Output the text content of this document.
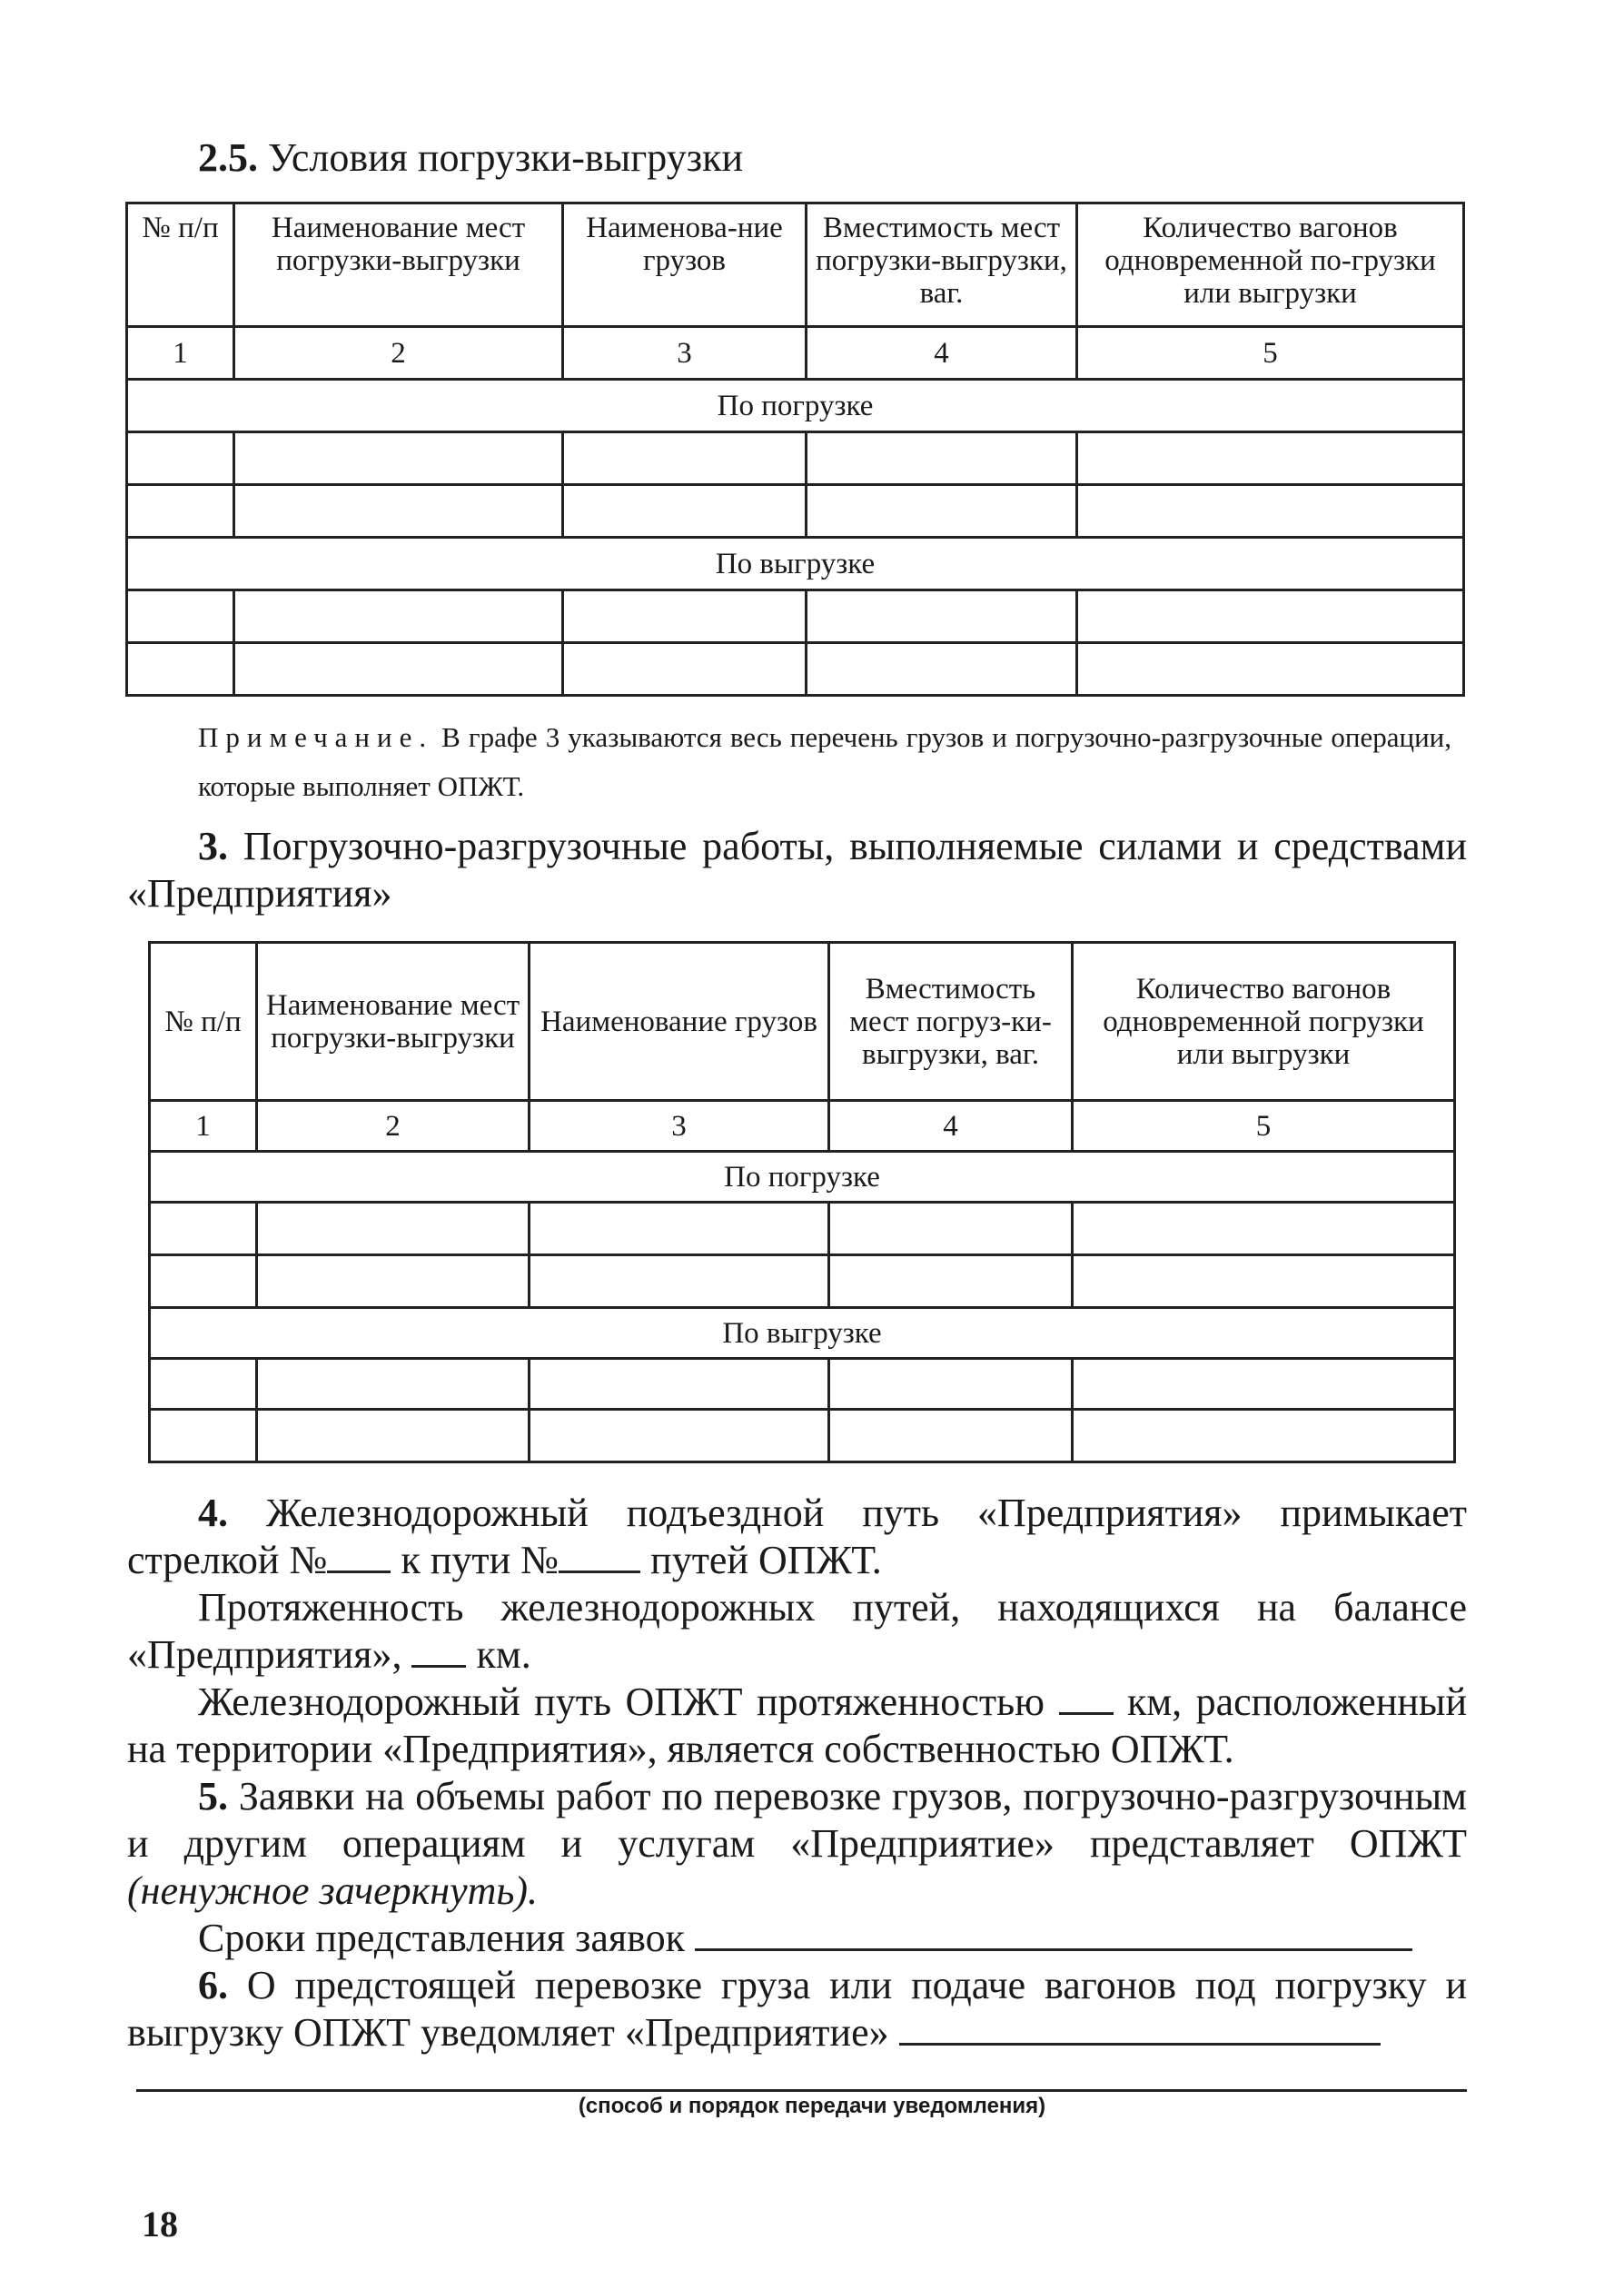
2.5. Условия погрузки-выгрузки
№ п/п	Наименование мест погрузки-выгрузки	Наименова-ние грузов	Вместимость мест погрузки-выгрузки, ваг.	Количество вагонов одновременной по-грузки или выгрузки
1	2	3	4	5
По погрузке				

По выгрузке				

Примечание. В графе 3 указываются весь перечень грузов и погрузочно-разгрузочные операции, которые выполняет ОПЖТ.

3. Погрузочно-разгрузочные работы, выполняемые силами и средствами «Предприятия»

№ п/п	Наименование мест погрузки-выгрузки	Наименование грузов	Вместимость мест погруз-ки-выгрузки, ваг.	Количество вагонов одновременной погрузки или выгрузки
1	2	3	4	5
По погрузке				

По выгрузке				

4. Железнодорожный подъездной путь «Предприятия» примыкает стрелкой № к пути № путей ОПЖТ.

Протяженность железнодорожных путей, находящихся на балансе «Предприятия», км.

Железнодорожный путь ОПЖТ протяженностью км, расположенный на территории «Предприятия», является собственностью ОПЖТ.

5. Заявки на объемы работ по перевозке грузов, погрузочно-разгрузочным и другим операциям и услугам «Предприятие» представляет ОПЖТ (ненужное зачеркнуть).

Сроки представления заявок

6. О предстоящей перевозке груза или подаче вагонов под погрузку и выгрузку ОПЖТ уведомляет «Предприятие»

(способ и порядок передачи уведомления)
18
